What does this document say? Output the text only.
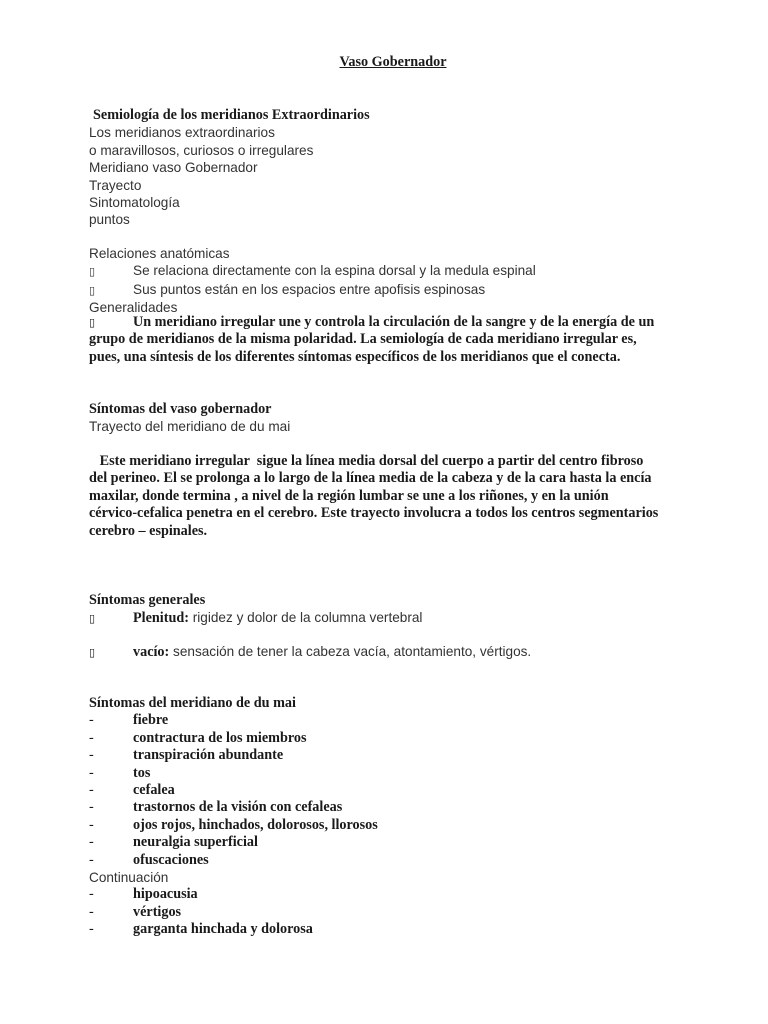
Vaso Gobernador
Semiología de los meridianos Extraordinarios
Los meridianos extraordinarios
o maravillosos, curiosos o irregulares
Meridiano vaso Gobernador
Trayecto
Sintomatología
puntos
Relaciones anatómicas
▯	Se relaciona directamente con la espina dorsal y la medula espinal
▯	Sus puntos están en los espacios entre apofisis espinosas
Generalidades
▯	Un meridiano irregular une y controla la circulación de la sangre y de la energía de un
grupo de meridianos de la misma polaridad. La semiología de cada meridiano irregular es,
pues, una síntesis de los diferentes síntomas específicos de los meridianos que el conecta.
Síntomas del vaso gobernador
Trayecto del meridiano de du mai
Este meridiano irregular  sigue la línea media dorsal del cuerpo a partir del centro fibroso
del perineo. El se prolonga a lo largo de la línea media de la cabeza y de la cara hasta la encía
maxilar, donde termina , a nivel de la región lumbar se une a los riñones, y en la unión
cérvico-cefalica penetra en el cerebro. Este trayecto involucra a todos los centros segmentarios
cerebro – espinales.
Síntomas generales
▯	Plenitud: rigidez y dolor de la columna vertebral
▯	vacío: sensación de tener la cabeza vacía, atontamiento, vértigos.
Síntomas del meridiano de du mai
-	fiebre
-	contractura de los miembros
-	transpiración abundante
-	tos
-	cefalea
-	trastornos de la visión con cefaleas
-	ojos rojos, hinchados, dolorosos, llorosos
-	neuralgia superficial
-	ofuscaciones
Continuación
-	hipoacusia
-	vértigos
-	garganta hinchada y dolorosa
